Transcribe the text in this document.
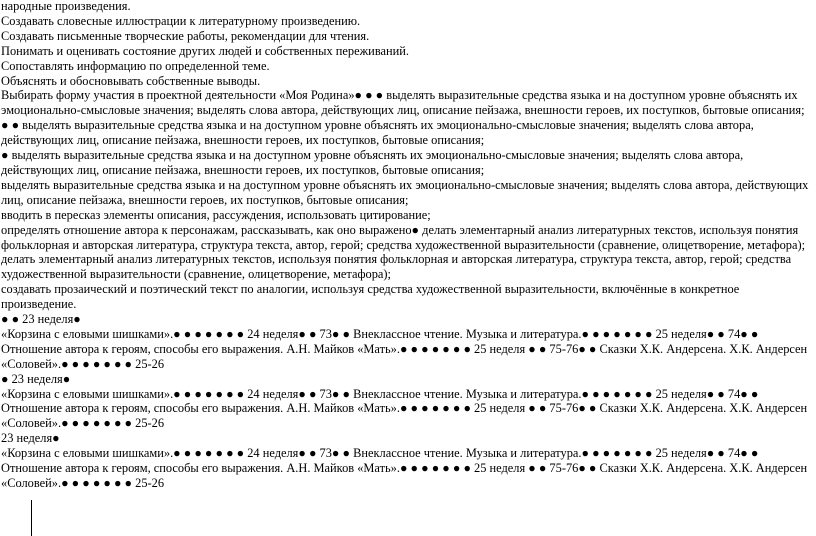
народные произведения.

Создавать словесные иллюстрации к литературному произведению.

Создавать письменные творческие работы, рекомендации для чтения.

Понимать и оценивать состояние других людей и собственных переживаний.

Сопоставлять информацию по определенной теме.

Объяснять и обосновывать собственные выводы.

Выбирать форму участия в проектной деятельности «Моя Родина»● ● ● выделять выразительные средства языка и на доступном уровне объяснять их эмоционально-смысловые значения; выделять слова автора, действующих лиц, описание пейзажа, внешности героев, их поступков, бытовые описания;

● ● выделять выразительные средства языка и на доступном уровне объяснять их эмоционально-смысловые значения; выделять слова автора, действующих лиц, описание пейзажа, внешности героев, их поступков, бытовые описания;

● выделять выразительные средства языка и на доступном уровне объяснять их эмоционально-смысловые значения; выделять слова автора, действующих лиц, описание пейзажа, внешности героев, их поступков, бытовые описания;

выделять выразительные средства языка и на доступном уровне объяснять их эмоционально-смысловые значения; выделять слова автора, действующих лиц, описание пейзажа, внешности героев, их поступков, бытовые описания;

вводить в пересказ элементы описания, рассуждения, использовать цитирование;

определять отношение автора к персонажам, рассказывать, как оно выражено● делать элементарный анализ литературных текстов, используя понятия фольклорная и авторская литература, структура текста, автор, герой; средства художественной выразительности (сравнение, олицетворение, метафора);

делать элементарный анализ литературных текстов, используя понятия фольклорная и авторская литература, структура текста, автор, герой; средства художественной выразительности (сравнение, олицетворение, метафора);

создавать прозаический и поэтический текст по аналогии, используя средства художественной выразительности, включённые в конкретное произведение.

● ● 23 неделя●

«Корзина с еловыми шишками».● ● ● ● ● ● ● 24 неделя● ● 73● ● Внеклассное чтение. Музыка и литература.● ● ● ● ● ● ● 25 неделя● ● 74● ● Отношение автора к героям, способы его выражения. А.Н. Майков «Мать».● ● ● ● ● ● ● 25 неделя ● ● 75-76● ● Сказки Х.К. Андерсена. Х.К. Андерсен «Соловей».● ● ● ● ● ● ● 25-26

● 23 неделя●

«Корзина с еловыми шишками».● ● ● ● ● ● ● 24 неделя● ● 73● ● Внеклассное чтение. Музыка и литература.● ● ● ● ● ● ● 25 неделя● ● 74● ● Отношение автора к героям, способы его выражения. А.Н. Майков «Мать».● ● ● ● ● ● ● 25 неделя ● ● 75-76● ● Сказки Х.К. Андерсена. Х.К. Андерсен «Соловей».● ● ● ● ● ● ● 25-26

23 неделя●

«Корзина с еловыми шишками».● ● ● ● ● ● ● 24 неделя● ● 73● ● Внеклассное чтение. Музыка и литература.● ● ● ● ● ● ● 25 неделя● ● 74● ● Отношение автора к героям, способы его выражения. А.Н. Майков «Мать».● ● ● ● ● ● ● 25 неделя ● ● 75-76● ● Сказки Х.К. Андерсена. Х.К. Андерсен «Соловей».● ● ● ● ● ● ● 25-26
